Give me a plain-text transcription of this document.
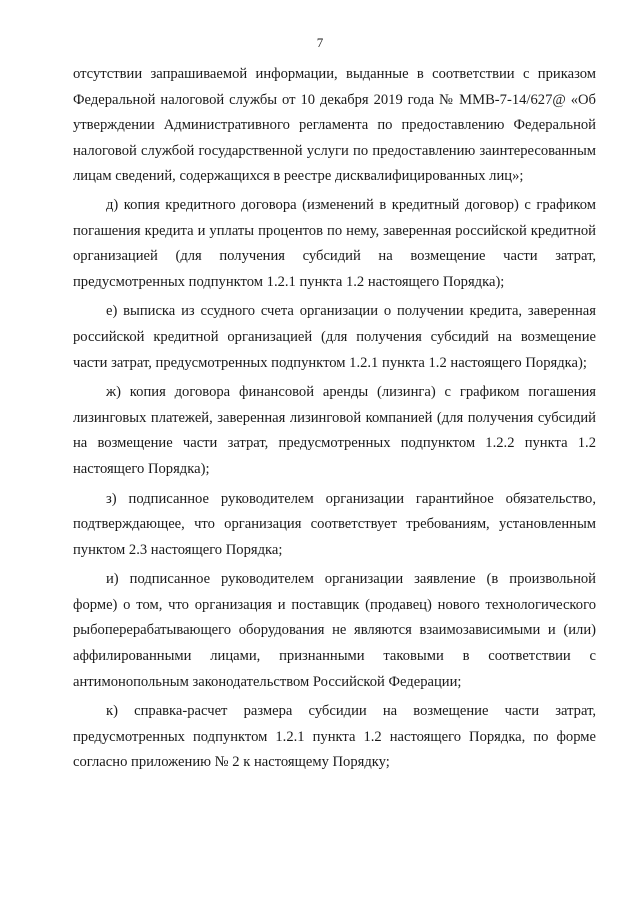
7

отсутствии запрашиваемой информации, выданные в соответствии с приказом Федеральной налоговой службы от 10 декабря 2019 года № ММВ-7-14/627@ «Об утверждении Административного регламента по предоставлению Федеральной налоговой службой государственной услуги по предоставлению заинтересованным лицам сведений, содержащихся в реестре дисквалифицированных лиц»;

д) копия кредитного договора (изменений в кредитный договор) с графиком погашения кредита и уплаты процентов по нему, заверенная российской кредитной организацией (для получения субсидий на возмещение части затрат, предусмотренных подпунктом 1.2.1 пункта 1.2 настоящего Порядка);

е) выписка из ссудного счета организации о получении кредита, заверенная российской кредитной организацией (для получения субсидий на возмещение части затрат, предусмотренных подпунктом 1.2.1 пункта 1.2 настоящего Порядка);

ж) копия договора финансовой аренды (лизинга) с графиком погашения лизинговых платежей, заверенная лизинговой компанией (для получения субсидий на возмещение части затрат, предусмотренных подпунктом 1.2.2 пункта 1.2 настоящего Порядка);

з) подписанное руководителем организации гарантийное обязательство, подтверждающее, что организация соответствует требованиям, установленным пунктом 2.3 настоящего Порядка;

и) подписанное руководителем организации заявление (в произвольной форме) о том, что организация и поставщик (продавец) нового технологического рыбоперерабатывающего оборудования не являются взаимозависимыми и (или) аффилированными лицами, признанными таковыми в соответствии с антимонопольным законодательством Российской Федерации;

к) справка-расчет размера субсидии на возмещение части затрат, предусмотренных подпунктом 1.2.1 пункта 1.2 настоящего Порядка, по форме согласно приложению № 2 к настоящему Порядку;
